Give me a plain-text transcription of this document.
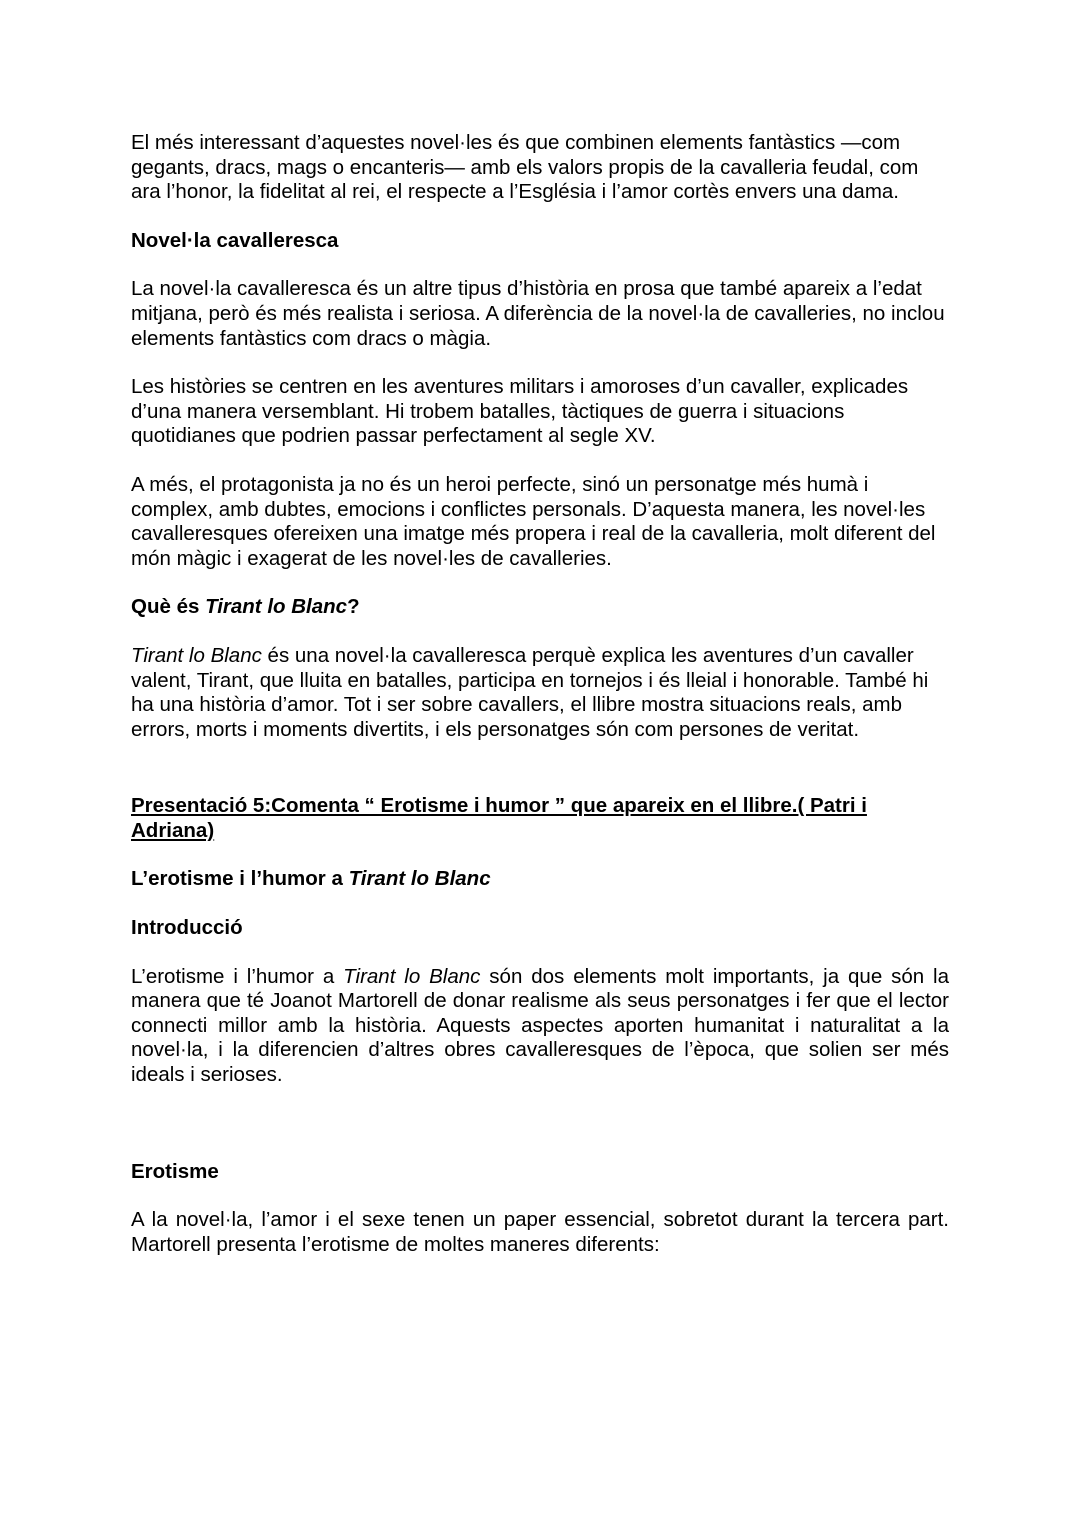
El més interessant d’aquestes novel·les és que combinen elements fantàstics —com gegants, dracs, mags o encanteris— amb els valors propis de la cavalleria feudal, com ara l’honor, la fidelitat al rei, el respecte a l’Església i l’amor cortès envers una dama.

Novel·la cavalleresca

La novel·la cavalleresca és un altre tipus d’història en prosa que també apareix a l’edat mitjana, però és més realista i seriosa. A diferència de la novel·la de cavalleries, no inclou elements fantàstics com dracs o màgia.

Les històries se centren en les aventures militars i amoroses d’un cavaller, explicades d’una manera versemblant. Hi trobem batalles, tàctiques de guerra i situacions quotidianes que podrien passar perfectament al segle XV.

A més, el protagonista ja no és un heroi perfecte, sinó un personatge més humà i complex, amb dubtes, emocions i conflictes personals. D’aquesta manera, les novel·les cavalleresques ofereixen una imatge més propera i real de la cavalleria, molt diferent del món màgic i exagerat de les novel·les de cavalleries.

Què és Tirant lo Blanc?

Tirant lo Blanc és una novel·la cavalleresca perquè explica les aventures d’un cavaller valent, Tirant, que lluita en batalles, participa en tornejos i és lleial i honorable. També hi ha una història d’amor. Tot i ser sobre cavallers, el llibre mostra situacions reals, amb errors, morts i moments divertits, i els personatges són com persones de veritat.

Presentació 5:Comenta “ Erotisme i humor ” que apareix en el llibre.( Patri i Adriana)

L’erotisme i l’humor a Tirant lo Blanc

Introducció

L’erotisme i l’humor a Tirant lo Blanc són dos elements molt importants, ja que són la manera que té Joanot Martorell de donar realisme als seus personatges i fer que el lector connecti millor amb la història. Aquests aspectes aporten humanitat i naturalitat a la novel·la, i la diferencien d’altres obres cavalleresques de l’època, que solien ser més ideals i serioses.

Erotisme

A la novel·la, l’amor i el sexe tenen un paper essencial, sobretot durant la tercera part. Martorell presenta l’erotisme de moltes maneres diferents:
